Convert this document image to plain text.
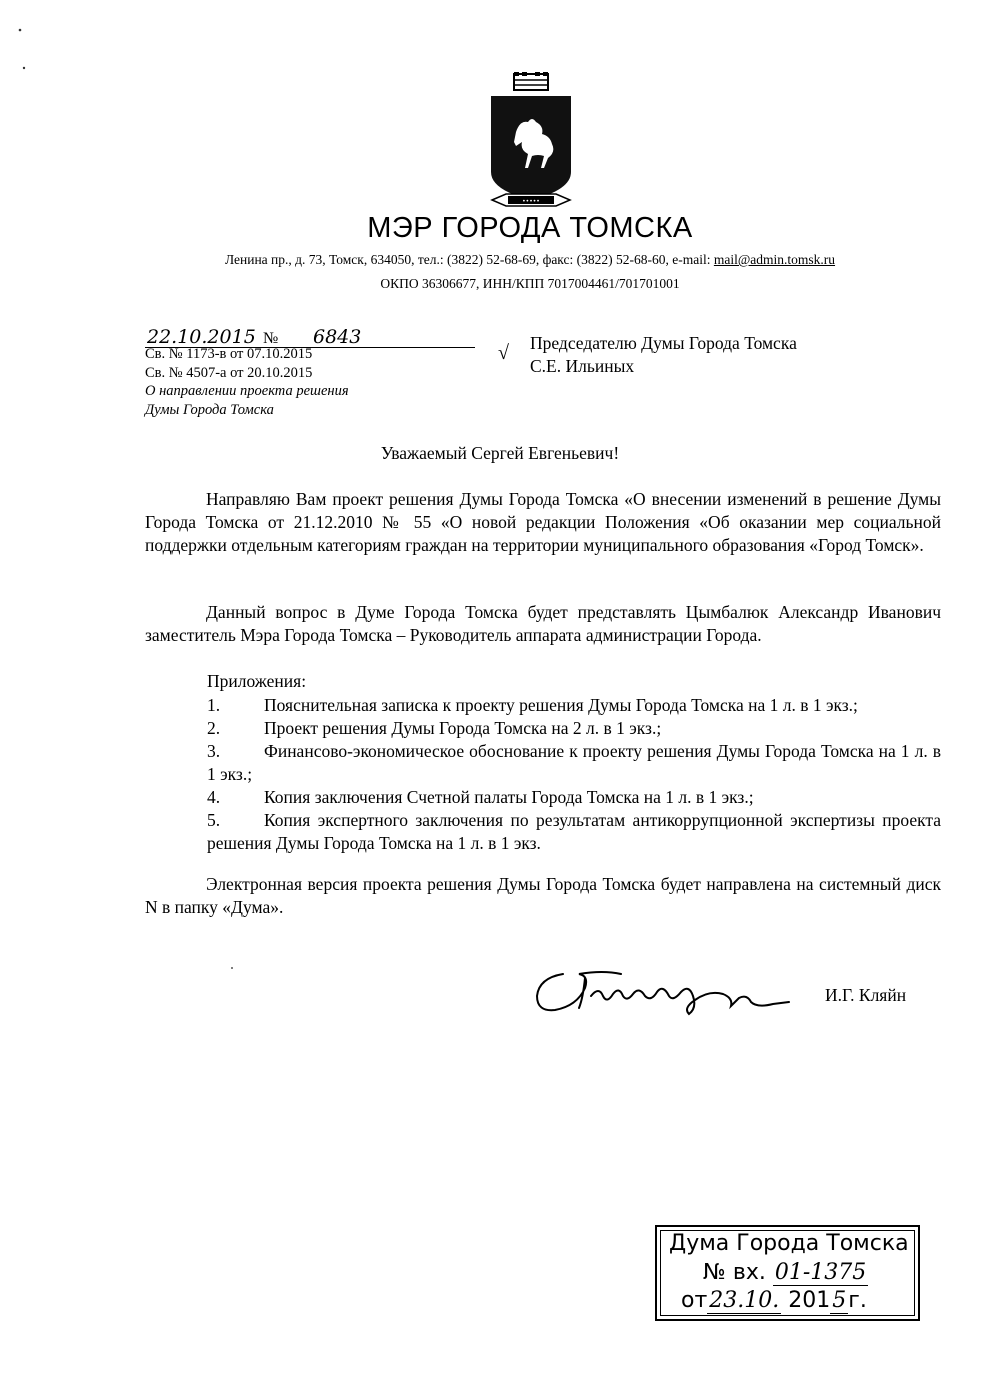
•••••
МЭР ГОРОДА ТОМСКА
Ленина пр., д. 73, Томск, 634050, тел.: (3822) 52-68-69, факс: (3822) 52-68-60, e-mail: mail@admin.tomsk.ru
ОКПО 36306677, ИНН/КПП 7017004461/701701001
22.10.2015 № 6843
Св. № 1173-в от 07.10.2015
Св. № 4507-а от 20.10.2015
О направлении проекта решения
Думы Города Томска
√ Председателю Думы Города Томска
С.Е. Ильиных
Уважаемый Сергей Евгеньевич!
Направляю Вам проект решения Думы Города Томска «О внесении изменений в решение Думы Города Томска от 21.12.2010 № 55 «О новой редакции Положения «Об оказании мер социальной поддержки отдельным категориям граждан на территории муниципального образования «Город Томск».
Данный вопрос в Думе Города Томска будет представлять Цымбалюк Александр Иванович заместитель Мэра Города Томска – Руководитель аппарата администрации Города.
Приложения:
1.	Пояснительная записка к проекту решения Думы Города Томска на 1 л. в 1 экз.;
2.	Проект решения Думы Города Томска на 2 л. в 1 экз.;
3.	Финансово-экономическое обоснование к проекту решения Думы Города Томска на 1 л. в 1 экз.;
4.	Копия заключения Счетной палаты Города Томска на 1 л. в 1 экз.;
5.	Копия экспертного заключения по результатам антикоррупционной экспертизы проекта решения Думы Города Томска на 1 л. в 1 экз.
Электронная версия проекта решения Думы Города Томска будет направлена на системный диск N в папку «Дума».
И.Г. Кляйн
Дума Города Томска
№ вх. 01-1375
от23.10. 2015г.
